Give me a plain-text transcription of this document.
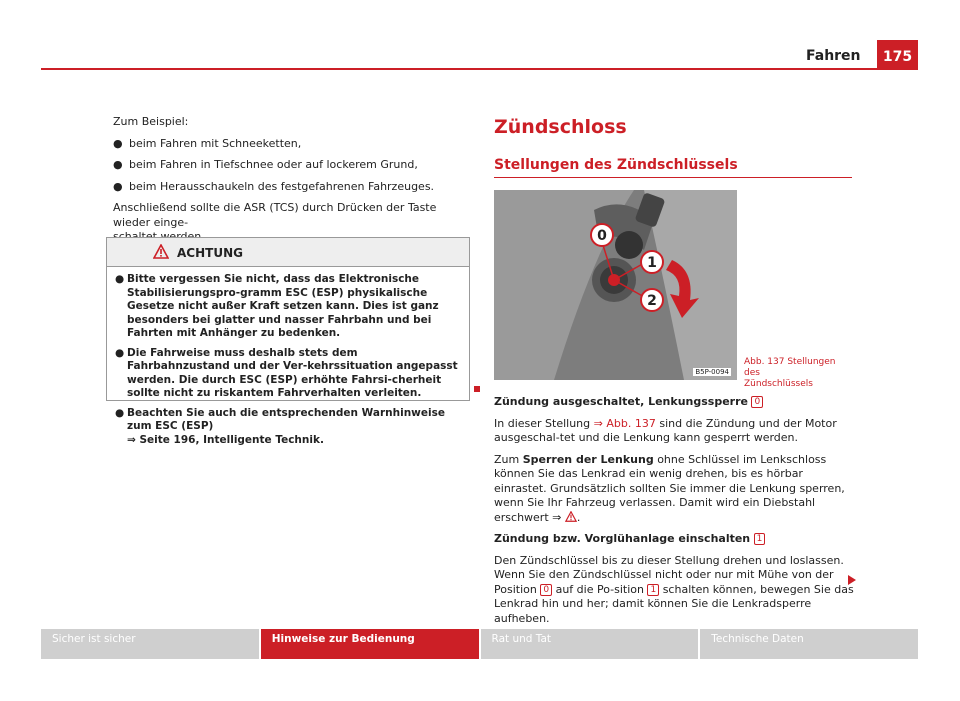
Fahren	175

Zum Beispiel:

● beim Fahren mit Schneeketten,
● beim Fahren in Tiefschnee oder auf lockerem Grund,
● beim Herausschaukeln des festgefahrenen Fahrzeuges.

Anschließend sollte die ASR (TCS) durch Drücken der Taste wieder einge-

ACHTUNG
● Bitte vergessen Sie nicht, dass das Elektronische Stabilisierungspro-gramm ESC (ESP) physikalische Gesetze nicht außer Kraft setzen kann. Dies ist ganz besonders bei glatter und nasser Fahrbahn und bei Fahrten mit Anhänger zu bedenken.
● Die Fahrweise muss deshalb stets dem Fahrbahnzustand und der Ver-kehrssituation angepasst werden. Die durch ESC (ESP) erhöhte Fahrsi-cherheit sollte nicht zu riskantem Fahrverhalten verleiten.
● Beachten Sie auch die entsprechenden Warnhinweise zum ESC (ESP)
⇒ Seite 196, Intelligente Technik.
Zündschloss
Stellungen des Zündschlüssels
0
1
2
B5P-0094
Abb. 137 Stellungen des
Zündschlüssels

Zündung ausgeschaltet, Lenkungssperre 0

In dieser Stellung ⇒ Abb. 137 sind die Zündung und der Motor ausgeschal-tet und die Lenkung kann gesperrt werden.

Zum Sperren der Lenkung ohne Schlüssel im Lenkschloss können Sie das Lenkrad ein wenig drehen, bis es hörbar einrastet. Grundsätzlich sollten Sie immer die Lenkung sperren, wenn Sie Ihr Fahrzeug verlassen. Damit wird ein Diebstahl erschwert ⇒ .

Zündung bzw. Vorglühanlage einschalten 1

Den Zündschlüssel bis zu dieser Stellung drehen und loslassen. Wenn Sie den Zündschlüssel nicht oder nur mit Mühe von der Position 0 auf die Po-sition 1 schalten können, bewegen Sie das Lenkrad hin und her; damit können Sie die Lenkradsperre aufheben.

Sicher ist sicher	Hinweise zur Bedienung	Rat und Tat	Technische Daten
